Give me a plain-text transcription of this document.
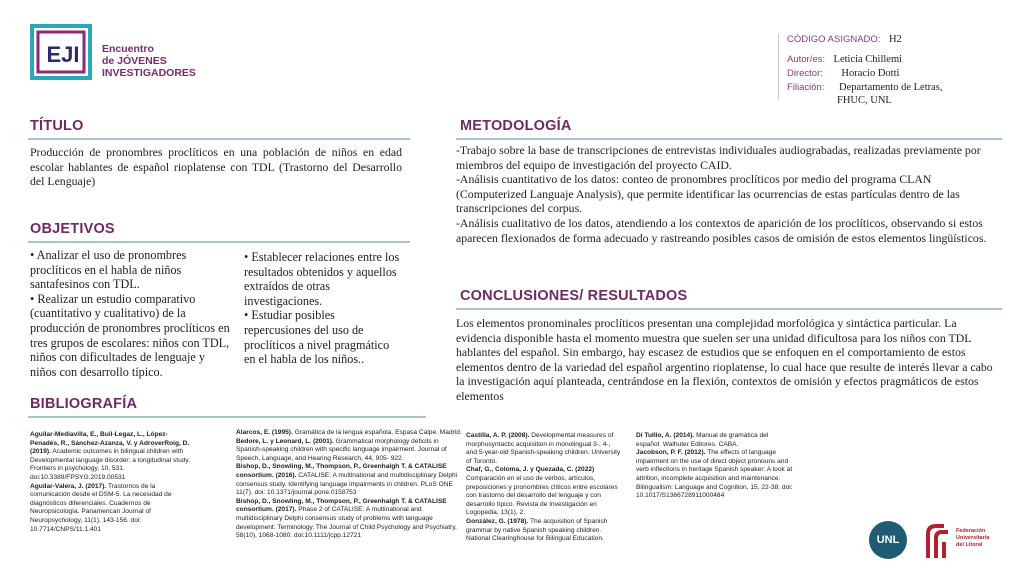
EJI Encuentro
de JÓVENES
INVESTIGADORES
CÓDIGO ASIGNADO: H2
Autor/es: Leticia Chillemi
Director: Horacio Dotti
Filiación: Departamento de Letras,
FHUC, UNL
TÍTULO
Producción de pronombres proclíticos en una población de niños en edad escolar hablantes de español rioplatense con TDL (Trastorno del Desarrollo del Lenguaje)
OBJETIVOS

• Analizar el uso de pronombres proclíticos en el habla de niños santafesinos con TDL.

• Realizar un estudio comparativo (cuantitativo y cualitativo) de la producción de pronombres proclíticos en tres grupos de escolares: niños con TDL, niños con dificultades de lenguaje y niños con desarrollo típico.

• Establecer relaciones entre los resultados obtenidos y aquellos extraídos de otras investigaciones.

• Estudiar posibles repercusiones del uso de proclíticos a nivel pragmático en el habla de los niños..

BIBLIOGRAFÍA

Aguilar-Mediavilla, E., Buil-Legaz, L., López-Penadés, R., Sánchez-Azanza, V. y AdroverRoig, D. (2019). Academic outcomes in bilingual children with Developmental language disorder: a longitudinal study. Frontiers in psychology, 10, 531. doi:10.3389/FPSYG.2019.00531

Aguilar-Valera, J. (2017). Trastornos de la comunicación desde el DSM-5. La necesidad de diagnósticos diferenciales. Cuadernos de Neuropsicología. Panamerican Journal of Neuropsychology, 11(1), 143-156. doi: 10.7714/CNPS/11.1.401

Alarcos, E. (1995). Gramática de la lengua española. Espasa Calpe. Madrid.

Bedore, L. y Leonard, L. (2001). Grammatical morphology deficits in Spanish-speaking children with specific language impairment. Journal of Speech, Language, and Hearing Research, 44, 905- 922.

Bishop, D., Snowling, M., Thompson, P., Greenhalgh T. & CATALISE consortium. (2016). CATALISE: A multinational and multidisciplinary Delphi consensus study. Identifying language impairments in children. PLoS ONE 11(7). doi: 10.1371/journal.pone.0158753

Bishop, D., Snowling, M., Thompson, P., Greenhalgh T. & CATALISE consortium. (2017). Phase 2 of CATALISE: A multinational and multidisciplinary Delphi consensus study of problems with language development: Terminology. The Journal of Child Psychology and Psychiatry, 58(10), 1068-1080. doi:10.1111/jcpp.12721

Castilla, A. P. (2008). Developmental measures of morphosyntactic acquisition in monolingual 3-, 4-, and 5-year-old Spanish-speaking children. University of Toronto.

Chaf, G., Coloma, J. y Quezada, C. (2022) Comparación en el uso de verbos, artículos, preposiciones y pronombres clíticos entre escolares con trastorno del desarrollo del lenguaje y con desarrollo típico. Revista de Investigación en Logopedia, 13(1), 2.

González, G. (1978). The acquisition of Spanish grammar by native Spanish speaking children. National Clearinghouse for Bilingual Education.

Di Tullio, A. (2014). Manual de gramática del español. Walhuter Editores. CABA.

Jacobson, P. F. (2012). The effects of language impairment on the use of direct object pronouns and verb inflections in heritage Spanish speaker: A look at attrition, incomplete acquisition and maintenance. Bilingualism: Language and Cognition, 15, 22-38. doi: 10.1017/S1366728911000484

METODOLOGÍA

-Trabajo sobre la base de transcripciones de entrevistas individuales audiograbadas, realizadas previamente por miembros del equipo de investigación del proyecto CAID.

-Análisis cuantitativo de los datos: conteo de pronombres proclíticos por medio del programa CLAN (Computerized Languaje Analysis), que permite identificar las ocurrencias de estas partículas dentro de las transcripciones del corpus.

-Análisis cualitativo de los datos, atendiendo a los contextos de aparición de los proclíticos, observando si estos aparecen flexionados de forma adecuado y rastreando posibles casos de omisión de estos elementos lingüísticos.

CONCLUSIONES/ RESULTADOS
Los elementos pronominales proclíticos presentan una complejidad morfológica y sintáctica particular. La evidencia disponible hasta el momento muestra que suelen ser una unidad dificultosa para los niños con TDL hablantes del español. Sin embargo, hay escasez de estudios que se enfoquen en el comportamiento de estos elementos dentro de la variedad del español argentino rioplatense, lo cual hace que resulte de interés llevar a cabo la investigación aquí planteada, centrándose en la flexión, contextos de omisión y efectos pragmáticos de estos elementos
UNL
Federación
Universitaria
del Litoral
